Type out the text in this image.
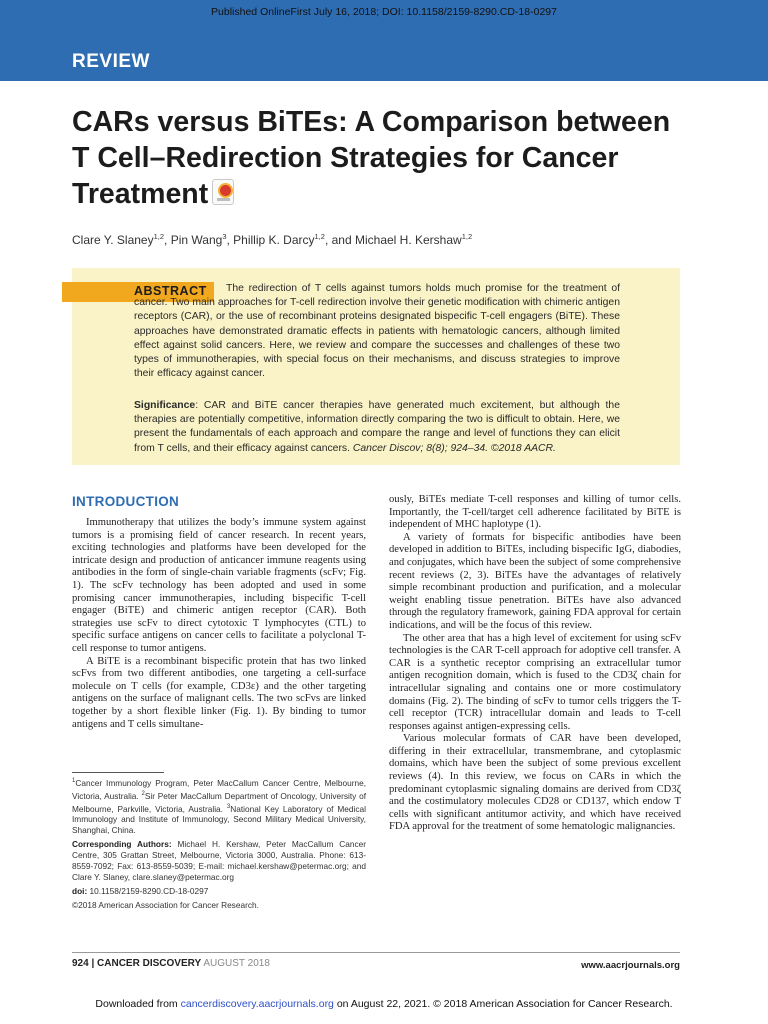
Published OnlineFirst July 16, 2018; DOI: 10.1158/2159-8290.CD-18-0297
REVIEW
CARs versus BiTEs: A Comparison between T Cell–Redirection Strategies for Cancer Treatment
Clare Y. Slaney$^{1,2}$, Pin Wang$^3$, Phillip K. Darcy$^{1,2}$, and Michael H. Kershaw$^{1,2}$
ABSTRACT	The redirection of T cells against tumors holds much promise for the treatment of cancer. Two main approaches for T-cell redirection involve their genetic modification with chimeric antigen receptors (CAR), or the use of recombinant proteins designated bispecific T-cell engagers (BiTE). These approaches have demonstrated dramatic effects in patients with hematologic cancers, although limited effect against solid cancers. Here, we review and compare the successes and challenges of these two types of immunotherapies, with special focus on their mechanisms, and discuss strategies to improve their efficacy against cancer.

Significance: CAR and BiTE cancer therapies have generated much excitement, but although the therapies are potentially competitive, information directly comparing the two is difficult to obtain. Here, we present the fundamentals of each approach and compare the range and level of functions they can elicit from T cells, and their efficacy against cancers. Cancer Discov; 8(8); 924–34. ©2018 AACR.

INTRODUCTION

Immunotherapy that utilizes the body’s immune system against tumors is a promising field of cancer research. In recent years, exciting technologies and platforms have been developed for the intricate design and production of anticancer immune reagents using antibodies in the form of single-chain variable fragments (scFv; Fig. 1). The scFv technology has been adopted and used in some promising cancer immunotherapies, including bispecific T-cell engager (BiTE) and chimeric antigen receptor (CAR). Both strategies use scFv to direct cytotoxic T lymphocytes (CTL) to specific surface antigens on cancer cells to facilitate a polyclonal T-cell response to tumor antigens.

A BiTE is a recombinant bispecific protein that has two linked scFvs from two different antibodies, one targeting a cell-surface molecule on T cells (for example, CD3ε) and the other targeting antigens on the surface of malignant cells. The two scFvs are linked together by a short flexible linker (Fig. 1). By binding to tumor antigens and T cells simultane-

ously, BiTEs mediate T-cell responses and killing of tumor cells. Importantly, the T-cell/target cell adherence facilitated by BiTE is independent of MHC haplotype (1).

A variety of formats for bispecific antibodies have been developed in addition to BiTEs, including bispecific IgG, diabodies, and conjugates, which have been the subject of some comprehensive recent reviews (2, 3). BiTEs have the advantages of relatively simple recombinant production and purification, and a molecular weight enabling tissue penetration. BiTEs have also advanced through the regulatory framework, gaining FDA approval for certain indications, and will be the focus of this review.

The other area that has a high level of excitement for using scFv technologies is the CAR T-cell approach for adoptive cell transfer. A CAR is a synthetic receptor comprising an extracellular tumor antigen recognition domain, which is fused to the CD3ζ chain for intracellular signaling and contains one or more costimulatory domains (Fig. 2). The binding of scFv to tumor cells triggers the T-cell receptor (TCR) intracellular domain and leads to T-cell responses against antigen-expressing cells.

Various molecular formats of CAR have been developed, differing in their extracellular, transmembrane, and cytoplasmic domains, which have been the subject of some previous excellent reviews (4). In this review, we focus on CARs in which the predominant cytoplasmic signaling domains are derived from CD3ζ and the costimulatory molecules CD28 or CD137, which endow T cells with significant antitumor activity, and which have received FDA approval for the treatment of some hematologic malignancies.

$^1$Cancer Immunology Program, Peter MacCallum Cancer Centre, Melbourne, Victoria, Australia. $^2$Sir Peter MacCallum Department of Oncology, University of Melbourne, Parkville, Victoria, Australia. $^3$National Key Laboratory of Medical Immunology and Institute of Immunology, Second Military Medical University, Shanghai, China.

Corresponding Authors: Michael H. Kershaw, Peter MacCallum Cancer Centre, 305 Grattan Street, Melbourne, Victoria 3000, Australia. Phone: 613-8559-7092; Fax: 613-8559-5039; E-mail: michael.kershaw@petermac.org; and Clare Y. Slaney, clare.slaney@petermac.org

doi: 10.1158/2159-8290.CD-18-0297

©2018 American Association for Cancer Research.

924 | CANCER DISCOVERY AUGUST 2018	www.aacrjournals.org
Downloaded from cancerdiscovery.aacrjournals.org on August 22, 2021. © 2018 American Association for Cancer Research.
